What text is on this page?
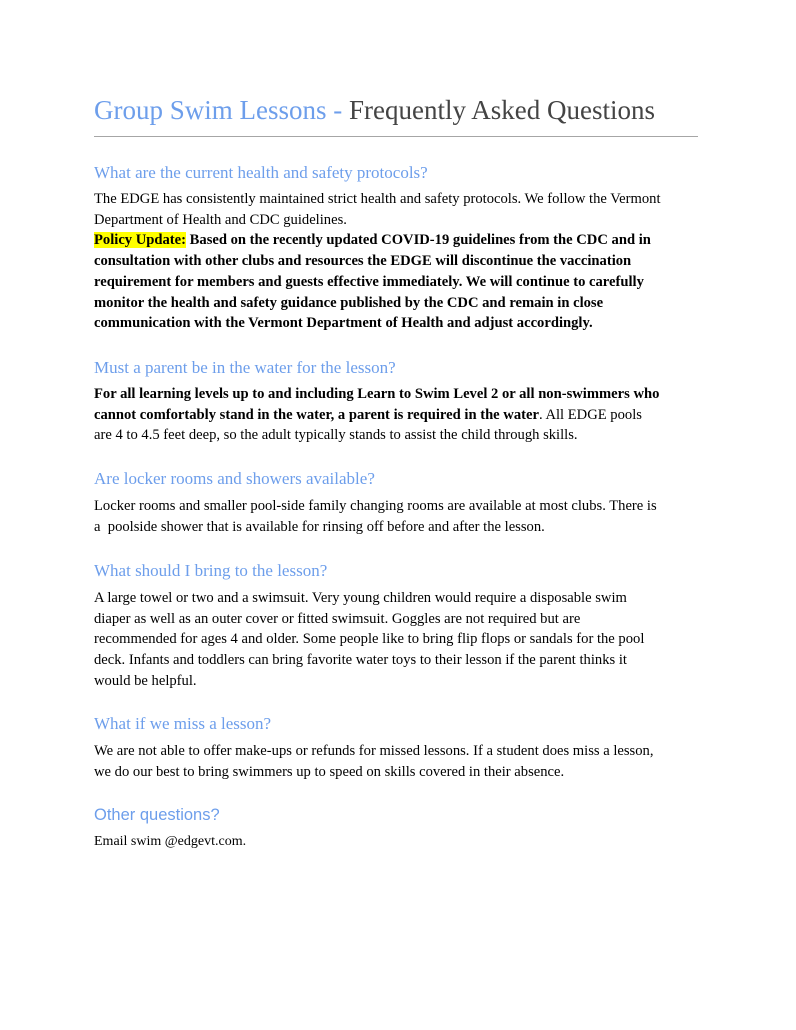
Group Swim Lessons - Frequently Asked Questions
What are the current health and safety protocols?
The EDGE has consistently maintained strict health and safety protocols. We follow the Vermont
Department of Health and CDC guidelines.
Policy Update: Based on the recently updated COVID-19 guidelines from the CDC and in
consultation with other clubs and resources the EDGE will discontinue the vaccination
requirement for members and guests effective immediately. We will continue to carefully
monitor the health and safety guidance published by the CDC and remain in close
communication with the Vermont Department of Health and adjust accordingly.
Must a parent be in the water for the lesson?
For all learning levels up to and including Learn to Swim Level 2 or all non-swimmers who
cannot comfortably stand in the water, a parent is required in the water. All EDGE pools
are 4 to 4.5 feet deep, so the adult typically stands to assist the child through skills.
Are locker rooms and showers available?
Locker rooms and smaller pool-side family changing rooms are available at most clubs. There is
a  poolside shower that is available for rinsing off before and after the lesson.
What should I bring to the lesson?
A large towel or two and a swimsuit. Very young children would require a disposable swim
diaper as well as an outer cover or fitted swimsuit. Goggles are not required but are
recommended for ages 4 and older. Some people like to bring flip flops or sandals for the pool
deck. Infants and toddlers can bring favorite water toys to their lesson if the parent thinks it
would be helpful.
What if we miss a lesson?
We are not able to offer make-ups or refunds for missed lessons. If a student does miss a lesson,
we do our best to bring swimmers up to speed on skills covered in their absence.
Other questions?
Email swim @edgevt.com.
